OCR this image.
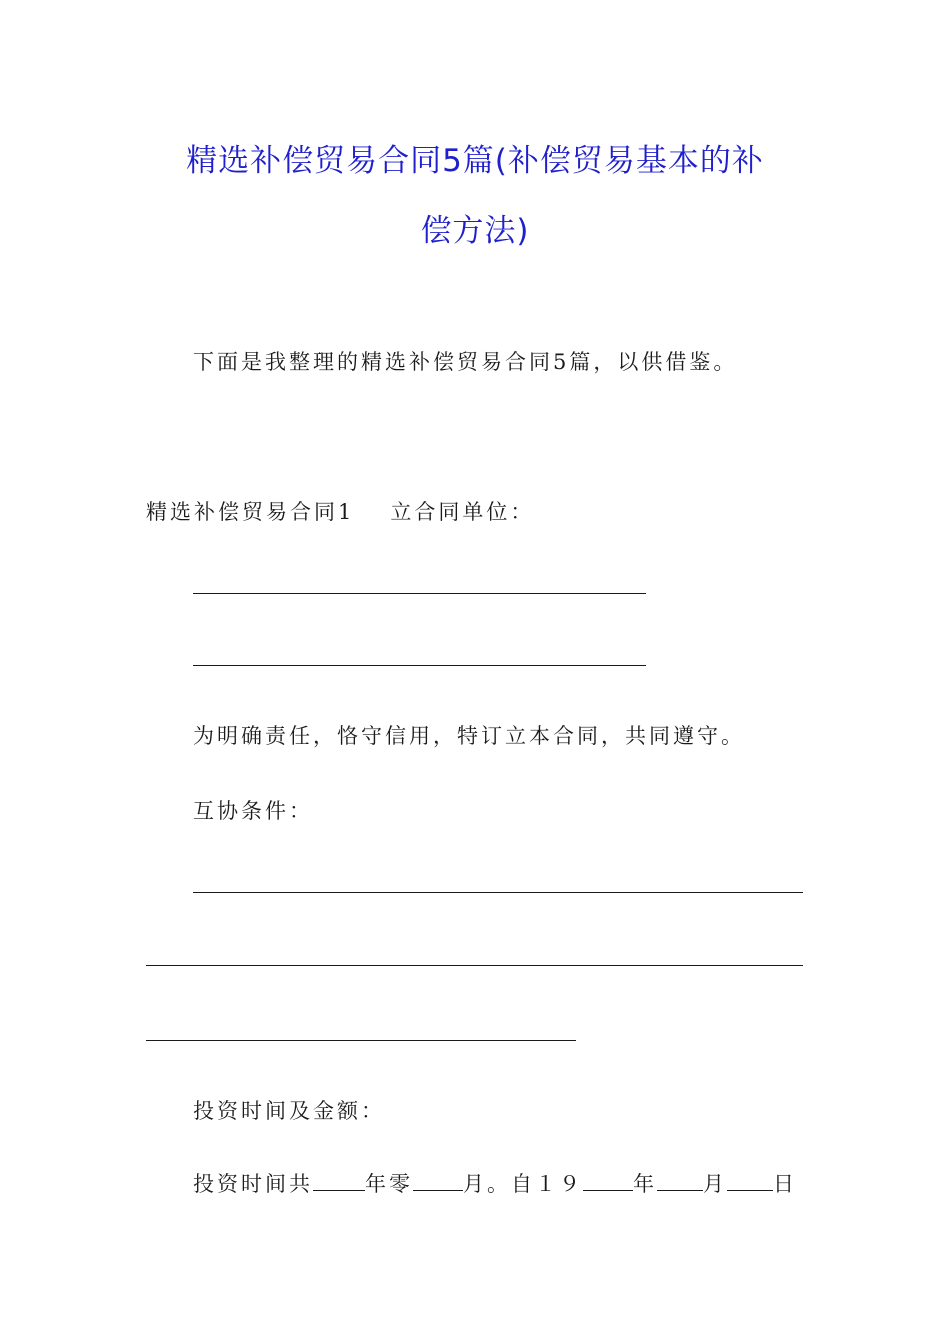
精选补偿贸易合同5篇(补偿贸易基本的补
偿方法)
下面是我整理的精选补偿贸易合同5篇，以供借鉴。
精选补偿贸易合同1 立合同单位：
为明确责任，恪守信用，特订立本合同，共同遵守。
互协条件：
投资时间及金额：
投资时间共 年零 月。自１９ 年 月 日
